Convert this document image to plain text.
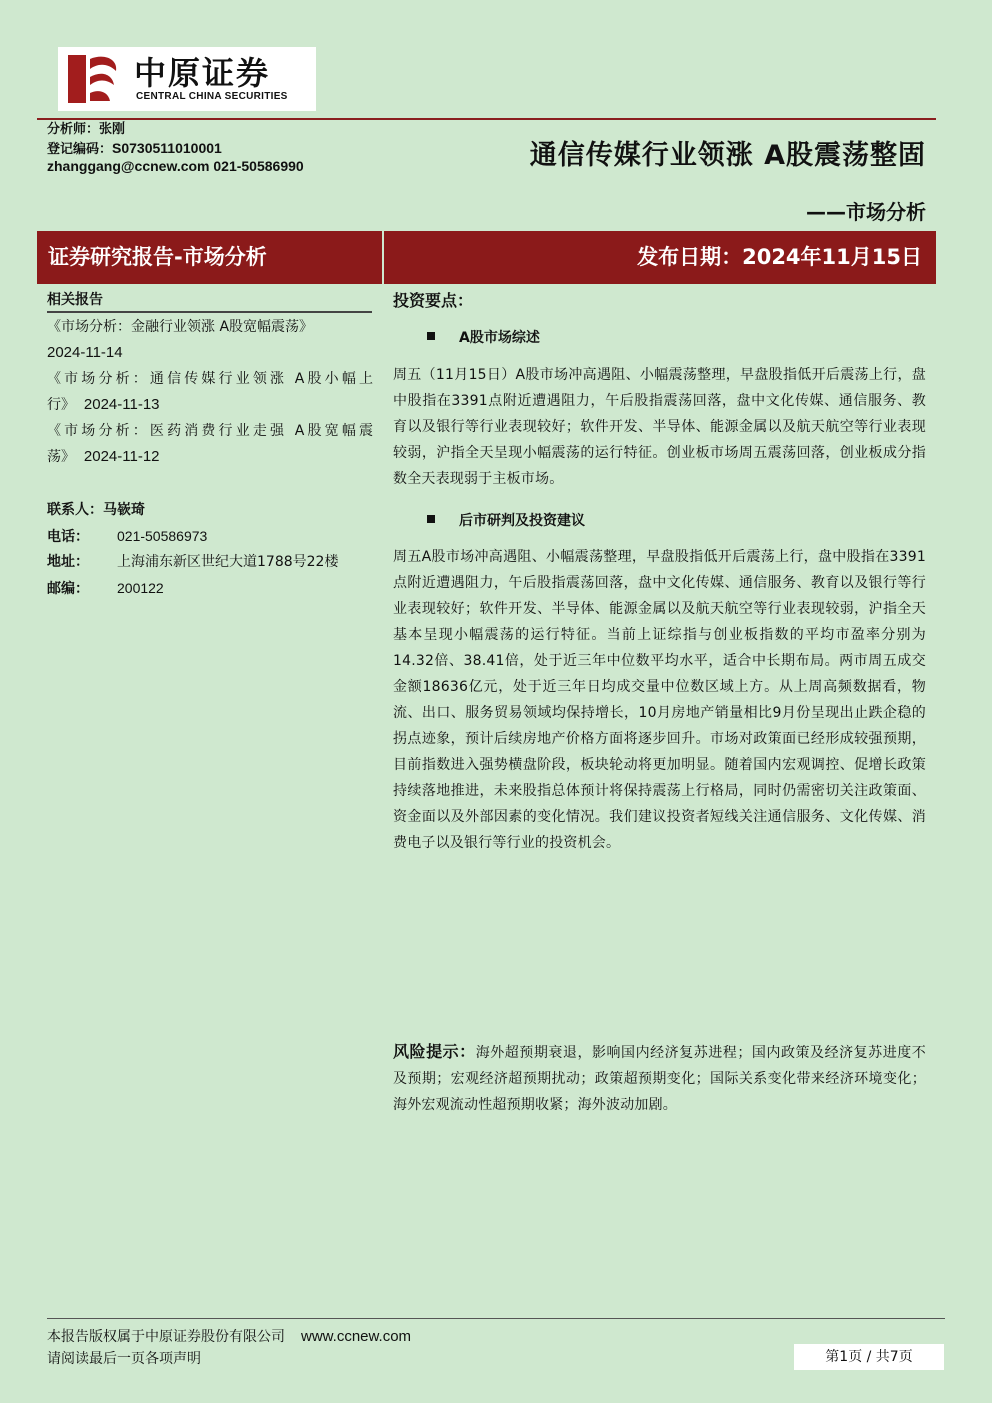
中原证券
CENTRAL CHINA SECURITIES
分析师：张刚
登记编码：S0730511010001
zhanggang@ccnew.com 021-50586990	通信传媒行业领涨 A股震荡整固
——市场分析
证券研究报告-市场分析	发布日期：2024年11月15日
相关报告
《市场分析：金融行业领涨 A股宽幅震荡》
2024-11-14
《市场分析：通信传媒行业领涨 A股小幅上行》 2024-11-13
《市场分析：医药消费行业走强 A股宽幅震荡》 2024-11-12
联系人：马嵚琦
电话： 021-50586973
地址： 上海浦东新区世纪大道1788号22楼
邮编： 200122
投资要点：
A股市场综述
周五（11月15日）A股市场冲高遇阻、小幅震荡整理，早盘股指低开后震荡上行，盘中股指在3391点附近遭遇阻力，午后股指震荡回落，盘中文化传媒、通信服务、教育以及银行等行业表现较好；软件开发、半导体、能源金属以及航天航空等行业表现较弱，沪指全天呈现小幅震荡的运行特征。创业板市场周五震荡回落，创业板成分指数全天表现弱于主板市场。
后市研判及投资建议
周五A股市场冲高遇阻、小幅震荡整理，早盘股指低开后震荡上行，盘中股指在3391点附近遭遇阻力，午后股指震荡回落，盘中文化传媒、通信服务、教育以及银行等行业表现较好；软件开发、半导体、能源金属以及航天航空等行业表现较弱，沪指全天基本呈现小幅震荡的运行特征。当前上证综指与创业板指数的平均市盈率分别为14.32倍、38.41倍，处于近三年中位数平均水平，适合中长期布局。两市周五成交金额18636亿元，处于近三年日均成交量中位数区域上方。从上周高频数据看，物流、出口、服务贸易领域均保持增长，10月房地产销量相比9月份呈现出止跌企稳的拐点迹象，预计后续房地产价格方面将逐步回升。市场对政策面已经形成较强预期，目前指数进入强势横盘阶段，板块轮动将更加明显。随着国内宏观调控、促增长政策持续落地推进，未来股指总体预计将保持震荡上行格局，同时仍需密切关注政策面、资金面以及外部因素的变化情况。我们建议投资者短线关注通信服务、文化传媒、消费电子以及银行等行业的投资机会。
风险提示：海外超预期衰退，影响国内经济复苏进程；国内政策及经济复苏进度不及预期；宏观经济超预期扰动；政策超预期变化；国际关系变化带来经济环境变化；海外宏观流动性超预期收紧；海外波动加剧。
本报告版权属于中原证券股份有限公司 www.ccnew.com
请阅读最后一页各项声明	第1页 / 共7页
